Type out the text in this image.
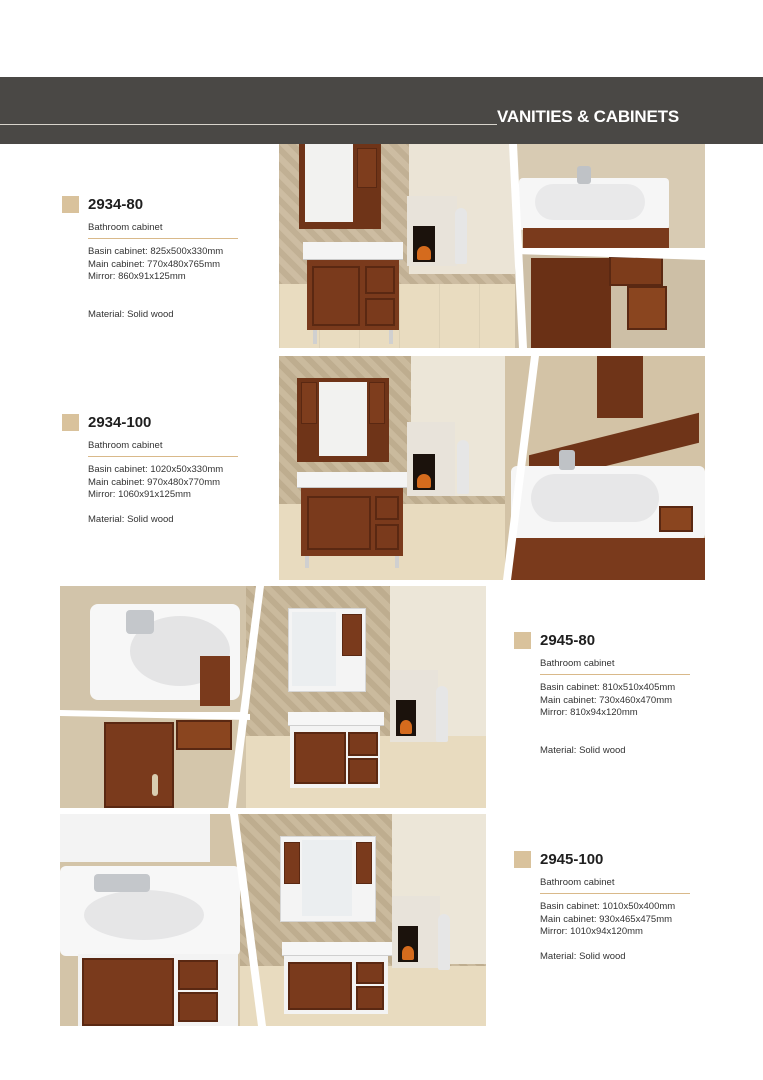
VANITIES & CABINETS
2934-80
Bathroom cabinet
Basin cabinet: 825x500x330mm
Main cabinet: 770x480x765mm
Mirror: 860x91x125mm
Material: Solid wood
2934-100
Bathroom cabinet
Basin cabinet: 1020x50x330mm
Main cabinet: 970x480x770mm
Mirror: 1060x91x125mm
Material: Solid wood
2945-80
Bathroom cabinet
Basin cabinet: 810x510x405mm
Main cabinet: 730x460x470mm
Mirror: 810x94x120mm
Material: Solid wood
2945-100
Bathroom cabinet
Basin cabinet: 1010x50x400mm
Main cabinet: 930x465x475mm
Mirror: 1010x94x120mm
Material: Solid wood
